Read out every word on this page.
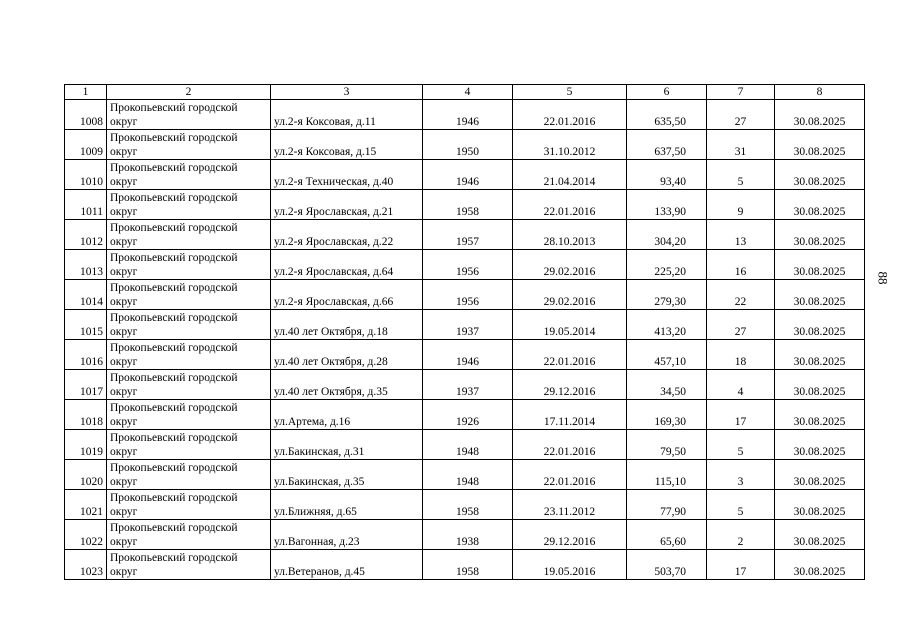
1	2	3	4	5	6	7	8
1008	Прокопьевский городской округ	ул.2-я Коксовая, д.11	1946	22.01.2016	635,50	27	30.08.2025
1009	Прокопьевский городской округ	ул.2-я Коксовая, д.15	1950	31.10.2012	637,50	31	30.08.2025
1010	Прокопьевский городской округ	ул.2-я Техническая, д.40	1946	21.04.2014	93,40	5	30.08.2025
1011	Прокопьевский городской округ	ул.2-я Ярославская, д.21	1958	22.01.2016	133,90	9	30.08.2025
1012	Прокопьевский городской округ	ул.2-я Ярославская, д.22	1957	28.10.2013	304,20	13	30.08.2025
1013	Прокопьевский городской округ	ул.2-я Ярославская, д.64	1956	29.02.2016	225,20	16	30.08.2025
1014	Прокопьевский городской округ	ул.2-я Ярославская, д.66	1956	29.02.2016	279,30	22	30.08.2025
1015	Прокопьевский городской округ	ул.40 лет Октября, д.18	1937	19.05.2014	413,20	27	30.08.2025
1016	Прокопьевский городской округ	ул.40 лет Октября, д.28	1946	22.01.2016	457,10	18	30.08.2025
1017	Прокопьевский городской округ	ул.40 лет Октября, д.35	1937	29.12.2016	34,50	4	30.08.2025
1018	Прокопьевский городской округ	ул.Артема, д.16	1926	17.11.2014	169,30	17	30.08.2025
1019	Прокопьевский городской округ	ул.Бакинская, д.31	1948	22.01.2016	79,50	5	30.08.2025
1020	Прокопьевский городской округ	ул.Бакинская, д.35	1948	22.01.2016	115,10	3	30.08.2025
1021	Прокопьевский городской округ	ул.Ближняя, д.65	1958	23.11.2012	77,90	5	30.08.2025
1022	Прокопьевский городской округ	ул.Вагонная, д.23	1938	29.12.2016	65,60	2	30.08.2025
1023	Прокопьевский городской округ	ул.Ветеранов, д.45	1958	19.05.2016	503,70	17	30.08.2025
88
